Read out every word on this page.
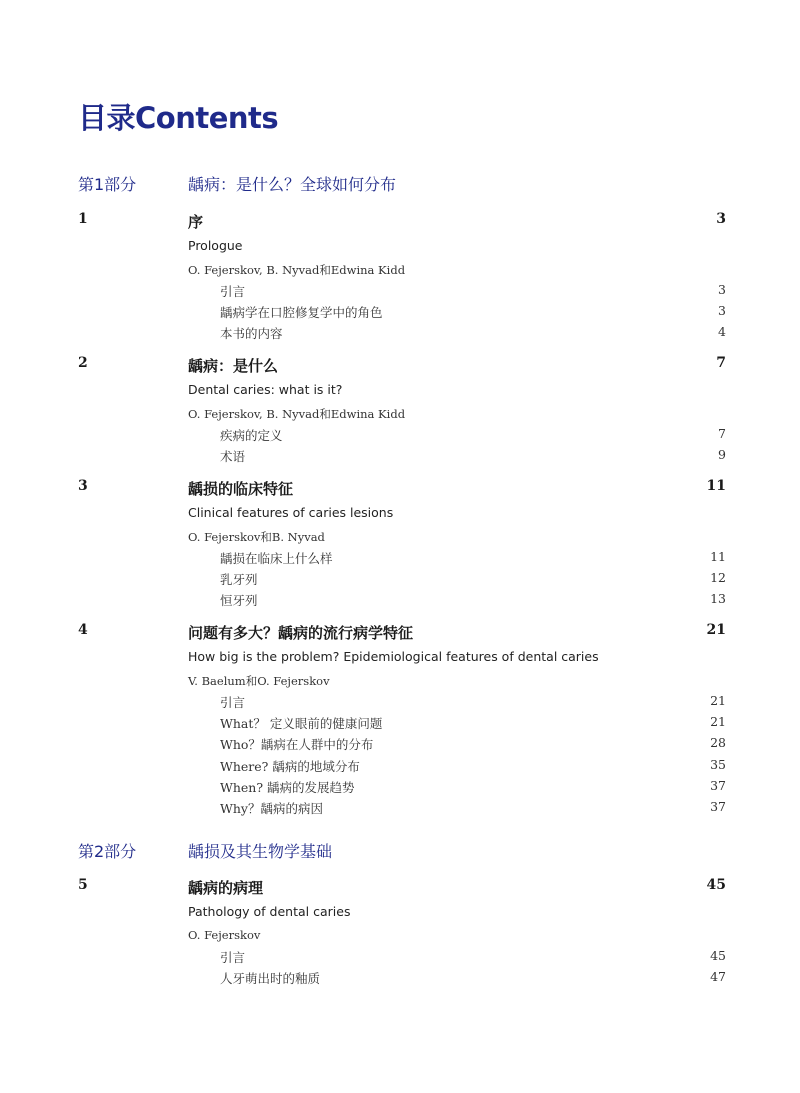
目录Contents
第1部分	龋病：是什么？全球如何分布
1	序	3
Prologue
O. Fejerskov, B. Nyvad和Edwina Kidd
引言	3
龋病学在口腔修复学中的角色	3
本书的内容	4
2	龋病：是什么	7
Dental caries: what is it?
O. Fejerskov, B. Nyvad和Edwina Kidd
疾病的定义	7
术语	9
3	龋损的临床特征	11
Clinical features of caries lesions
O. Fejerskov和B. Nyvad
龋损在临床上什么样	11
乳牙列	12
恒牙列	13
4	问题有多大？龋病的流行病学特征	21
How big is the problem? Epidemiological features of dental caries
V. Baelum和O. Fejerskov
引言	21
What？ 定义眼前的健康问题	21
Who？龋病在人群中的分布	28
Where? 龋病的地域分布	35
When? 龋病的发展趋势	37
Why？龋病的病因	37
第2部分	龋损及其生物学基础
5	龋病的病理	45
Pathology of dental caries
O. Fejerskov
引言	45
人牙萌出时的釉质	47
